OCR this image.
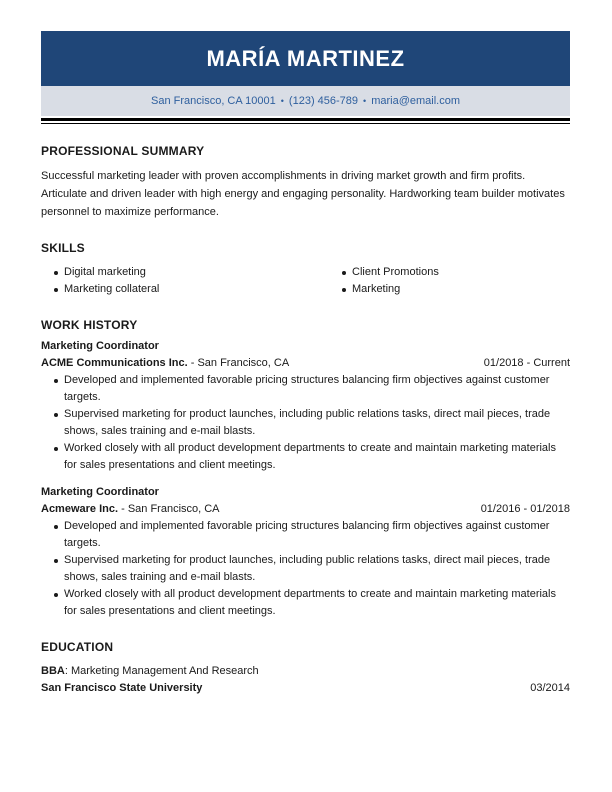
MARÍA MARTINEZ
San Francisco, CA 10001 • (123) 456-789 • maria@email.com
PROFESSIONAL SUMMARY

Successful marketing leader with proven accomplishments in driving market growth and firm profits. Articulate and driven leader with high energy and engaging personality. Hardworking team builder motivates personnel to maximize performance.

SKILLS
Digital marketing	Client Promotions
Marketing collateral	Marketing
WORK HISTORY
Marketing Coordinator
ACME Communications Inc. - San Francisco, CA	01/2018 - Current
Developed and implemented favorable pricing structures balancing firm objectives against customer targets.
Supervised marketing for product launches, including public relations tasks, direct mail pieces, trade shows, sales training and e-mail blasts.
Worked closely with all product development departments to create and maintain marketing materials for sales presentations and client meetings.
Marketing Coordinator
Acmeware Inc. - San Francisco, CA	01/2016 - 01/2018
Developed and implemented favorable pricing structures balancing firm objectives against customer targets.
Supervised marketing for product launches, including public relations tasks, direct mail pieces, trade shows, sales training and e-mail blasts.
Worked closely with all product development departments to create and maintain marketing materials for sales presentations and client meetings.
EDUCATION
BBA: Marketing Management And Research
San Francisco State University	03/2014
